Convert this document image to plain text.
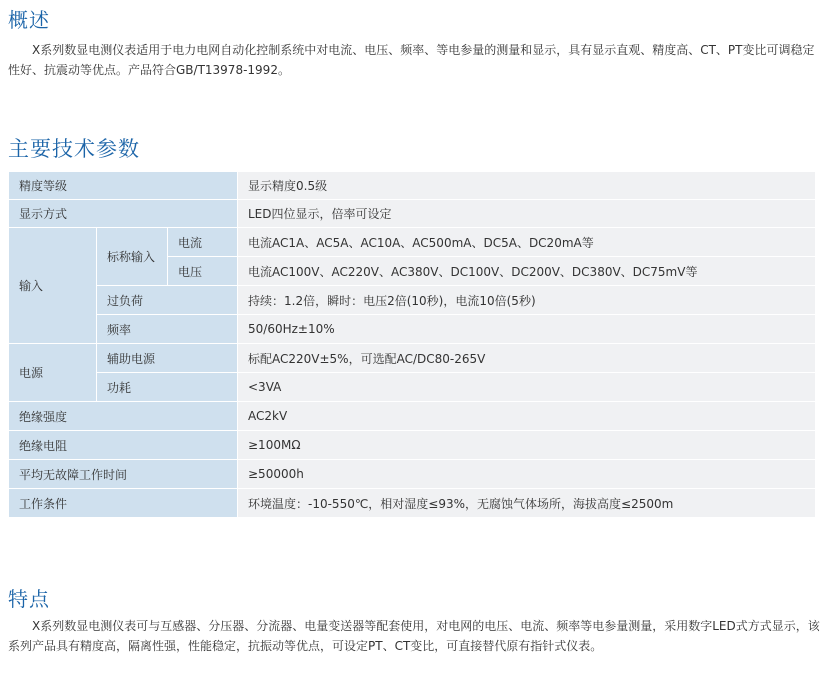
概述

X系列数显电测仪表适用于电力电网自动化控制系统中对电流、电压、频率、等电参量的测量和显示，具有显示直观、精度高、CT、PT变比可调稳定性好、抗震动等优点。产品符合GB/T13978-1992。

主要技术参数
精度等级			显示精度0.5级
显示方式			LED四位显示，倍率可设定
输入	标称输入	电流	电流AC1A、AC5A、AC10A、AC500mA、DC5A、DC20mA等
		电压	电流AC100V、AC220V、AC380V、DC100V、DC200V、DC380V、DC75mV等
	过负荷		持续：1.2倍，瞬时：电压2倍(10秒)，电流10倍(5秒)
	频率		50/60Hz±10%
电源	辅助电源		标配AC220V±5%，可选配AC/DC80-265V
	功耗		<3VA
绝缘强度			AC2kV
绝缘电阻			≥100MΩ
平均无故障工作时间			≥50000h
工作条件			环境温度：-10-550℃，相对湿度≤93%，无腐蚀气体场所，海拔高度≤2500m
特点

X系列数显电测仪表可与互感器、分压器、分流器、电量变送器等配套使用，对电网的电压、电流、频率等电参量测量，采用数字LED式方式显示，该系列产品具有精度高，隔离性强，性能稳定，抗振动等优点，可设定PT、CT变比，可直接替代原有指针式仪表。
